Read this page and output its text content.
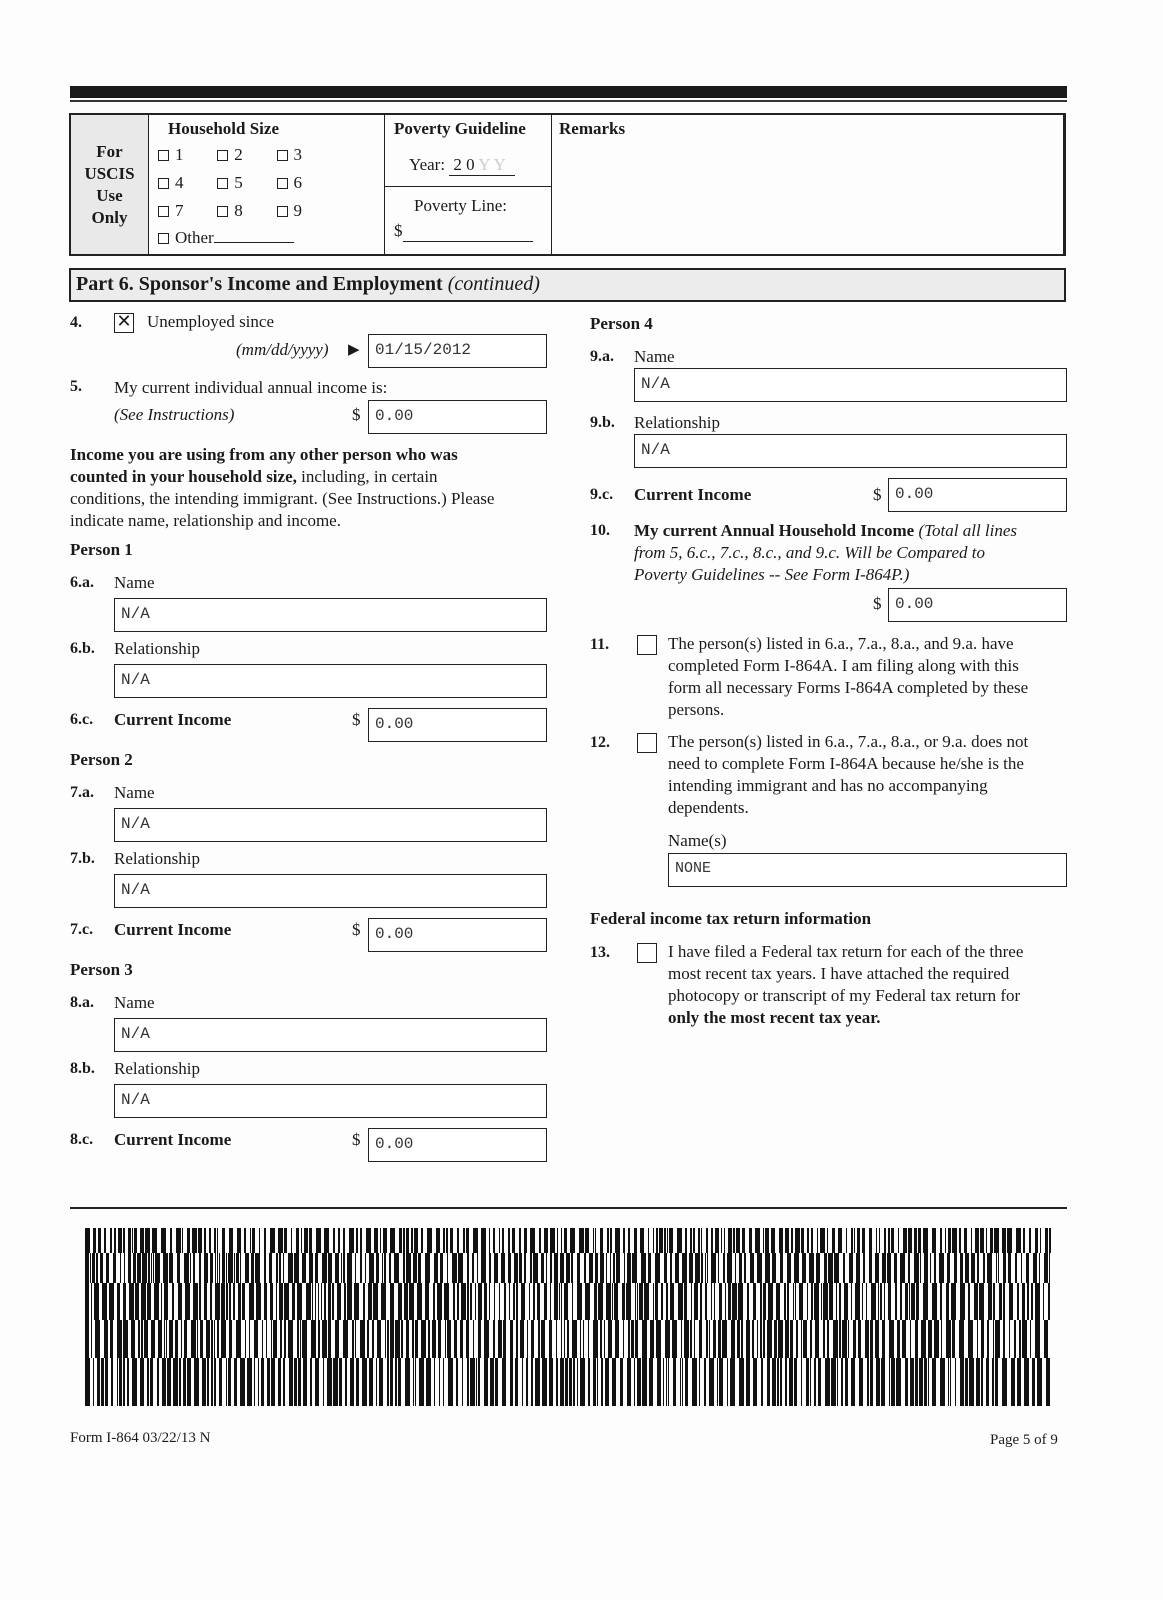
For
USCIS
Use
Only
Household Size
1	2	3
4	5	6
7	8	9
Other
Poverty Guideline
Year: 2 0 Y Y
Poverty Line:
$
Remarks
Part 6. Sponsor's Income and Employment (continued)
4. ✕ Unemployed since
(mm/dd/yyyy) ▶ 01/15/2012
5. My current individual annual income is:
(See Instructions)	$ 0.00
Income you are using from any other person who was
counted in your household size, including, in certain
conditions, the intending immigrant. (See Instructions.) Please
indicate name, relationship and income.
Person 1
6.a. Name
N/A
6.b. Relationship
N/A
6.c. Current Income	$ 0.00
Person 2
7.a. Name
N/A
7.b. Relationship
N/A
7.c. Current Income	$ 0.00
Person 3
8.a. Name
N/A
8.b. Relationship
N/A
8.c. Current Income	$ 0.00
Person 4
9.a. Name
N/A
9.b. Relationship
N/A
9.c. Current Income	$ 0.00
10. My current Annual Household Income (Total all lines
from 5, 6.c., 7.c., 8.c., and 9.c. Will be Compared to
Poverty Guidelines -- See Form I-864P.)
$ 0.00
11.	The person(s) listed in 6.a., 7.a., 8.a., and 9.a. have
completed Form I-864A. I am filing along with this
form all necessary Forms I-864A completed by these
persons.
12.	The person(s) listed in 6.a., 7.a., 8.a., or 9.a. does not
need to complete Form I-864A because he/she is the
intending immigrant and has no accompanying
dependents.
Name(s)
NONE
Federal income tax return information
13.	I have filed a Federal tax return for each of the three
most recent tax years. I have attached the required
photocopy or transcript of my Federal tax return for
only the most recent tax year.
Form I-864 03/22/13 N	Page 5 of 9
